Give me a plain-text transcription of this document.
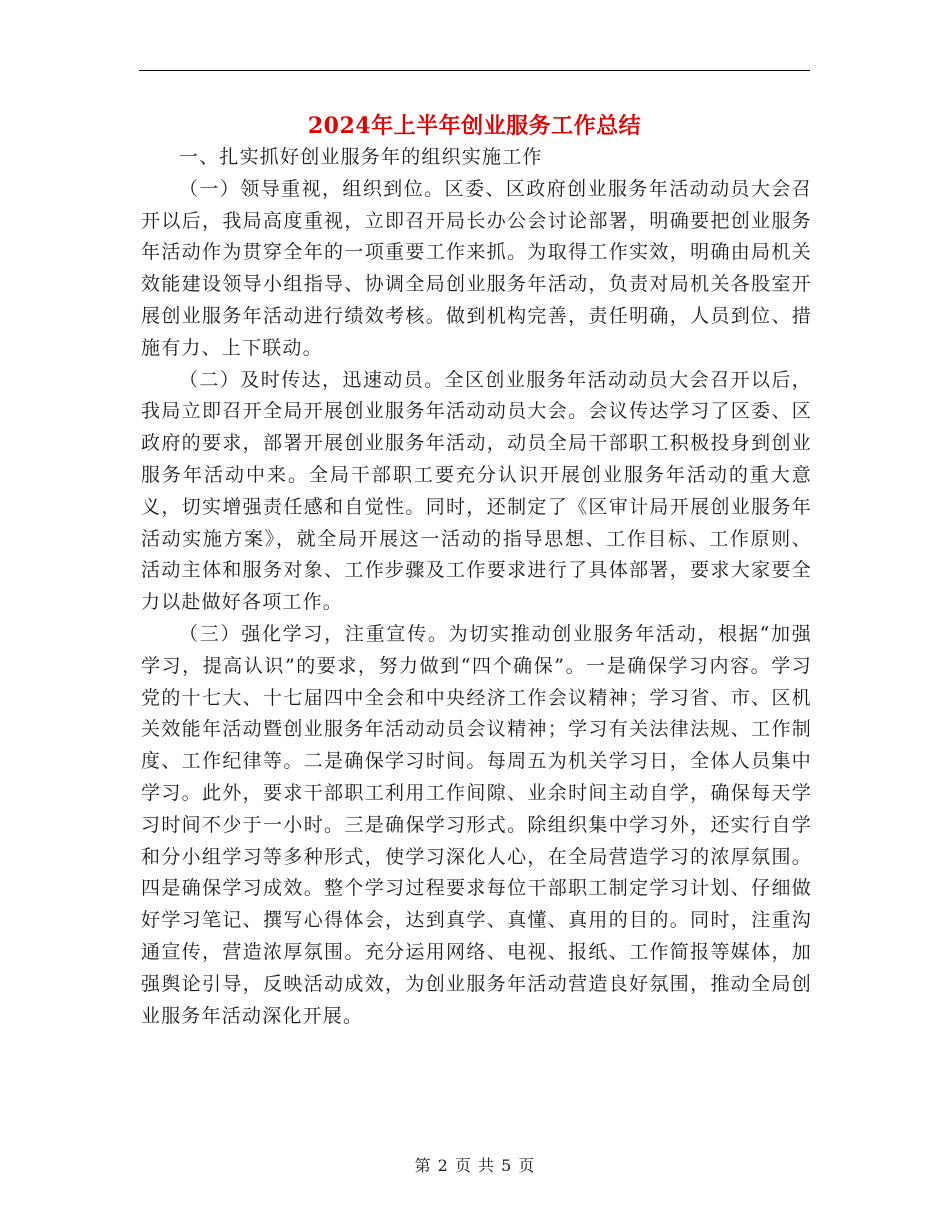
2024年上半年创业服务工作总结

一、扎实抓好创业服务年的组织实施工作

（一）领导重视，组织到位。区委、区政府创业服务年活动动员大会召开以后，我局高度重视，立即召开局长办公会讨论部署，明确要把创业服务年活动作为贯穿全年的一项重要工作来抓。为取得工作实效，明确由局机关效能建设领导小组指导、协调全局创业服务年活动，负责对局机关各股室开展创业服务年活动进行绩效考核。做到机构完善，责任明确，人员到位、措施有力、上下联动。

（二）及时传达，迅速动员。全区创业服务年活动动员大会召开以后，我局立即召开全局开展创业服务年活动动员大会。会议传达学习了区委、区政府的要求，部署开展创业服务年活动，动员全局干部职工积极投身到创业服务年活动中来。全局干部职工要充分认识开展创业服务年活动的重大意义，切实增强责任感和自觉性。同时，还制定了《区审计局开展创业服务年活动实施方案》，就全局开展这一活动的指导思想、工作目标、工作原则、活动主体和服务对象、工作步骤及工作要求进行了具体部署，要求大家要全力以赴做好各项工作。

（三）强化学习，注重宣传。为切实推动创业服务年活动，根据“加强学习，提高认识”的要求，努力做到“四个确保”。一是确保学习内容。学习党的十七大、十七届四中全会和中央经济工作会议精神；学习省、市、区机关效能年活动暨创业服务年活动动员会议精神；学习有关法律法规、工作制度、工作纪律等。二是确保学习时间。每周五为机关学习日，全体人员集中学习。此外，要求干部职工利用工作间隙、业余时间主动自学，确保每天学习时间不少于一小时。三是确保学习形式。除组织集中学习外，还实行自学和分小组学习等多种形式，使学习深化人心，在全局营造学习的浓厚氛围。四是确保学习成效。整个学习过程要求每位干部职工制定学习计划、仔细做好学习笔记、撰写心得体会，达到真学、真懂、真用的目的。同时，注重沟通宣传，营造浓厚氛围。充分运用网络、电视、报纸、工作简报等媒体，加强舆论引导，反映活动成效，为创业服务年活动营造良好氛围，推动全局创业服务年活动深化开展。

第 2 页 共 5 页
